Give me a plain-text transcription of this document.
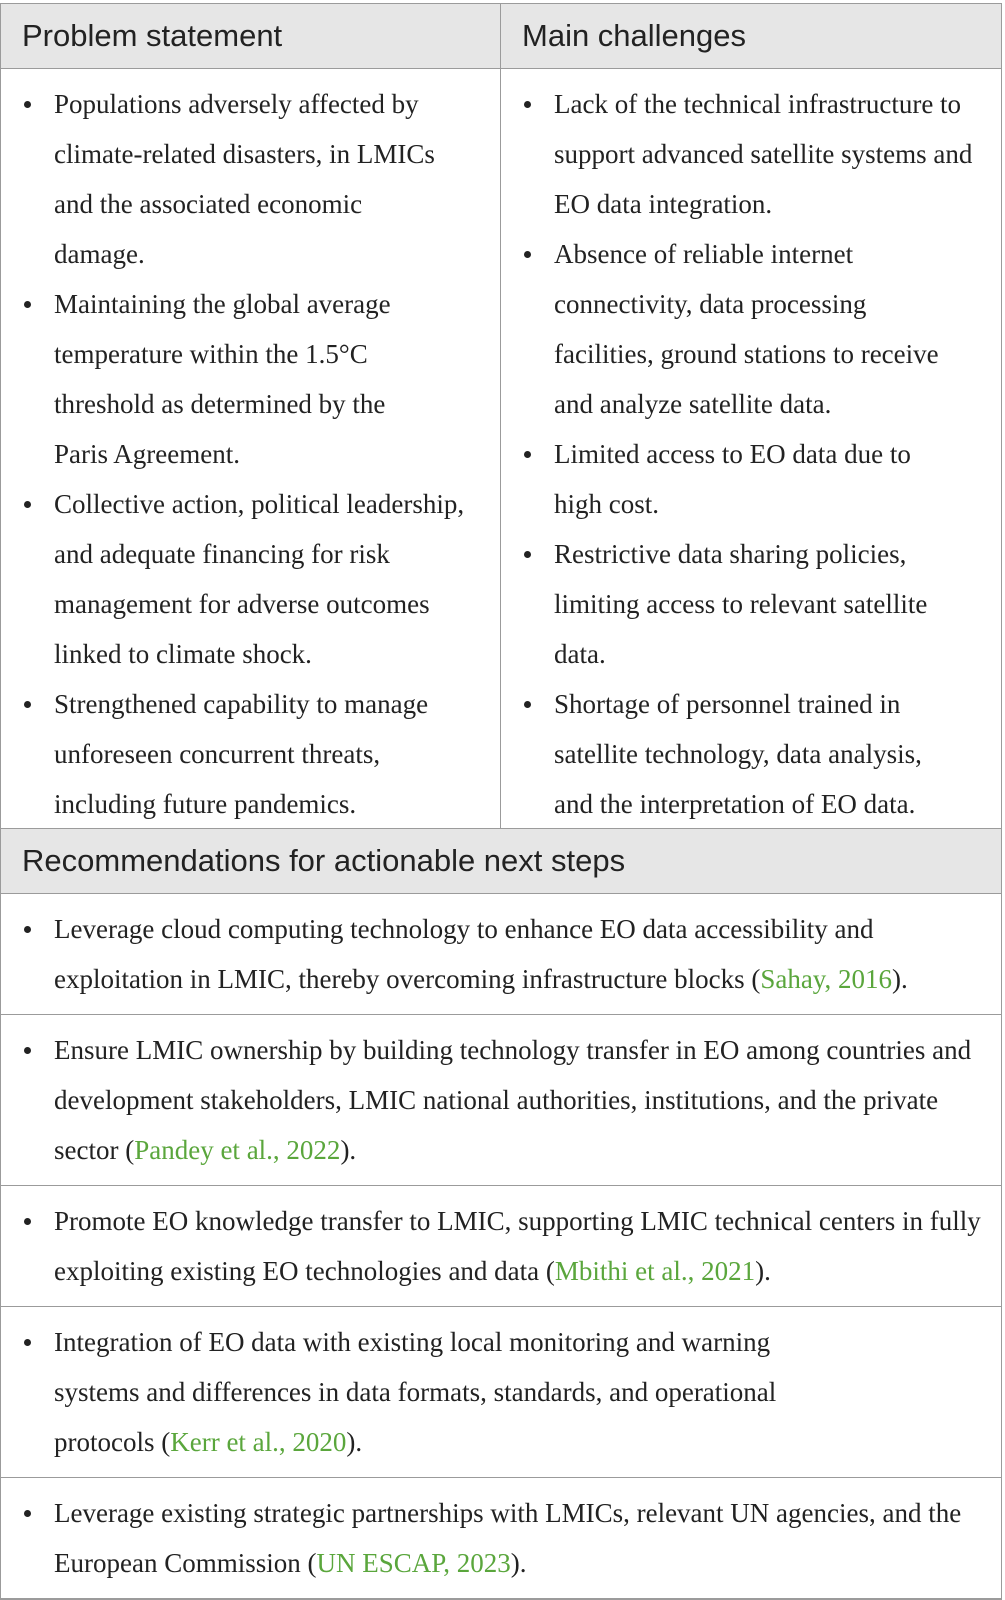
Problem statement	Main challenges
Populations adversely affected by climate-related disasters, in LMICs and the associated economic damage.
Maintaining the global average temperature within the 1.5°C threshold as determined by the Paris Agreement.
Collective action, political leadership, and adequate financing for risk management for adverse outcomes linked to climate shock.
Strengthened capability to manage unforeseen concurrent threats, including future pandemics.
Lack of the technical infrastructure to support advanced satellite systems and EO data integration.
Absence of reliable internet connectivity, data processing facilities, ground stations to receive and analyze satellite data.
Limited access to EO data due to high cost.
Restrictive data sharing policies, limiting access to relevant satellite data.
Shortage of personnel trained in satellite technology, data analysis, and the interpretation of EO data.
Recommendations for actionable next steps
Leverage cloud computing technology to enhance EO data accessibility and exploitation in LMIC, thereby overcoming infrastructure blocks (Sahay, 2016).
Ensure LMIC ownership by building technology transfer in EO among countries and development stakeholders, LMIC national authorities, institutions, and the private sector (Pandey et al., 2022).
Promote EO knowledge transfer to LMIC, supporting LMIC technical centers in fully exploiting existing EO technologies and data (Mbithi et al., 2021).
Integration of EO data with existing local monitoring and warning systems and differences in data formats, standards, and operational protocols (Kerr et al., 2020).
Leverage existing strategic partnerships with LMICs, relevant UN agencies, and the European Commission (UN ESCAP, 2023).
